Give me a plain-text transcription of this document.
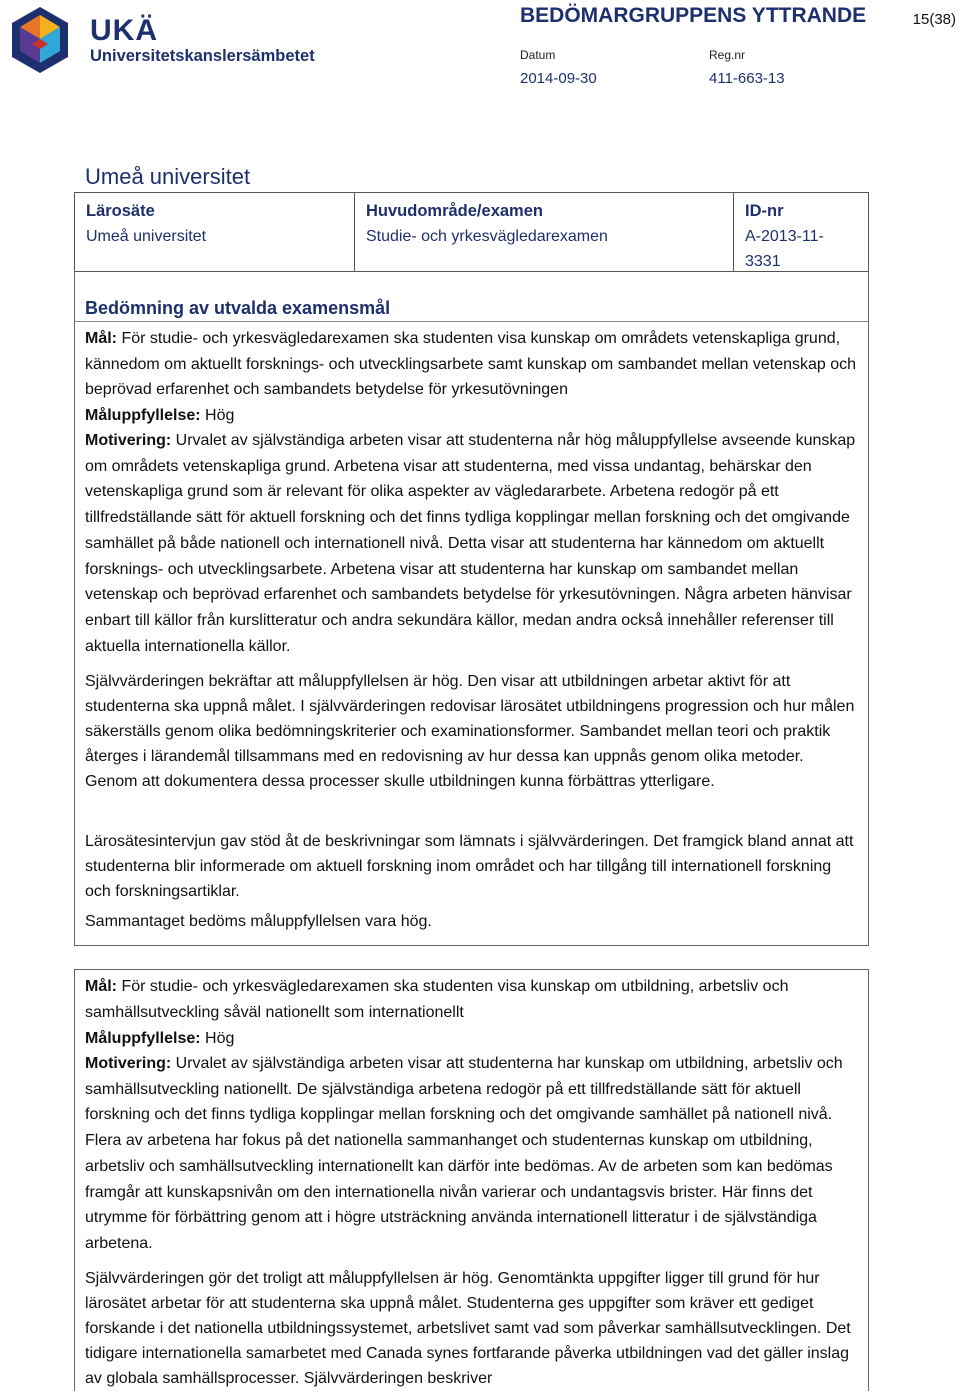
UKÄ
Universitetskanslersämbetet
BEDÖMARGRUPPENS YTTRANDE	15(38)
Datum
2014-09-30
Reg.nr
411-663-13
Umeå universitet
Lärosäte
Umeå universitet
Huvudområde/examen
Studie- och yrkesvägledarexamen
ID-nr
A-2013-11-
3331
Bedömning av utvalda examensmål
Mål: För studie- och yrkesvägledarexamen ska studenten visa kunskap om områdets vetenskapliga grund, kännedom om aktuellt forsknings- och utvecklingsarbete samt kunskap om sambandet mellan vetenskap och beprövad erfarenhet och sambandets betydelse för yrkesutövningen
Måluppfyllelse: Hög
Motivering: Urvalet av självständiga arbeten visar att studenterna når hög måluppfyllelse avseende kunskap om områdets vetenskapliga grund. Arbetena visar att studenterna, med vissa undantag, behärskar den vetenskapliga grund som är relevant för olika aspekter av vägledararbete. Arbetena redogör på ett tillfredställande sätt för aktuell forskning och det finns tydliga kopplingar mellan forskning och det omgivande samhället på både nationell och internationell nivå. Detta visar att studenterna har kännedom om aktuellt forsknings- och utvecklingsarbete. Arbetena visar att studenterna har kunskap om sambandet mellan vetenskap och beprövad erfarenhet och sambandets betydelse för yrkesutövningen. Några arbeten hänvisar enbart till källor från kurslitteratur och andra sekundära källor, medan andra också innehåller referenser till aktuella internationella källor.
Självvärderingen bekräftar att måluppfyllelsen är hög. Den visar att utbildningen arbetar aktivt för att studenterna ska uppnå målet. I självvärderingen redovisar lärosätet utbildningens progression och hur målen säkerställs genom olika bedömningskriterier och examinationsformer. Sambandet mellan teori och praktik återges i lärandemål tillsammans med en redovisning av hur dessa kan uppnås genom olika metoder. Genom att dokumentera dessa processer skulle utbildningen kunna förbättras ytterligare.
Lärosätesintervjun gav stöd åt de beskrivningar som lämnats i självvärderingen. Det framgick bland annat att studenterna blir informerade om aktuell forskning inom området och har tillgång till internationell forskning och forskningsartiklar.
Sammantaget bedöms måluppfyllelsen vara hög.
Mål: För studie- och yrkesvägledarexamen ska studenten visa kunskap om utbildning, arbetsliv och samhällsutveckling såväl nationellt som internationellt
Måluppfyllelse: Hög
Motivering: Urvalet av självständiga arbeten visar att studenterna har kunskap om utbildning, arbetsliv och samhällsutveckling nationellt. De självständiga arbetena redogör på ett tillfredställande sätt för aktuell forskning och det finns tydliga kopplingar mellan forskning och det omgivande samhället på nationell nivå. Flera av arbetena har fokus på det nationella sammanhanget och studenternas kunskap om utbildning, arbetsliv och samhällsutveckling internationellt kan därför inte bedömas. Av de arbeten som kan bedömas framgår att kunskapsnivån om den internationella nivån varierar och undantagsvis brister. Här finns det utrymme för förbättring genom att i högre utsträckning använda internationell litteratur i de självständiga arbetena.
Självvärderingen gör det troligt att måluppfyllelsen är hög. Genomtänkta uppgifter ligger till grund för hur lärosätet arbetar för att studenterna ska uppnå målet. Studenterna ges uppgifter som kräver ett gediget forskande i det nationella utbildningssystemet, arbetslivet samt vad som påverkar samhällsutvecklingen. Det tidigare internationella samarbetet med Canada synes fortfarande påverka utbildningen vad det gäller inslag av globala samhällsprocesser. Självvärderingen beskriver
